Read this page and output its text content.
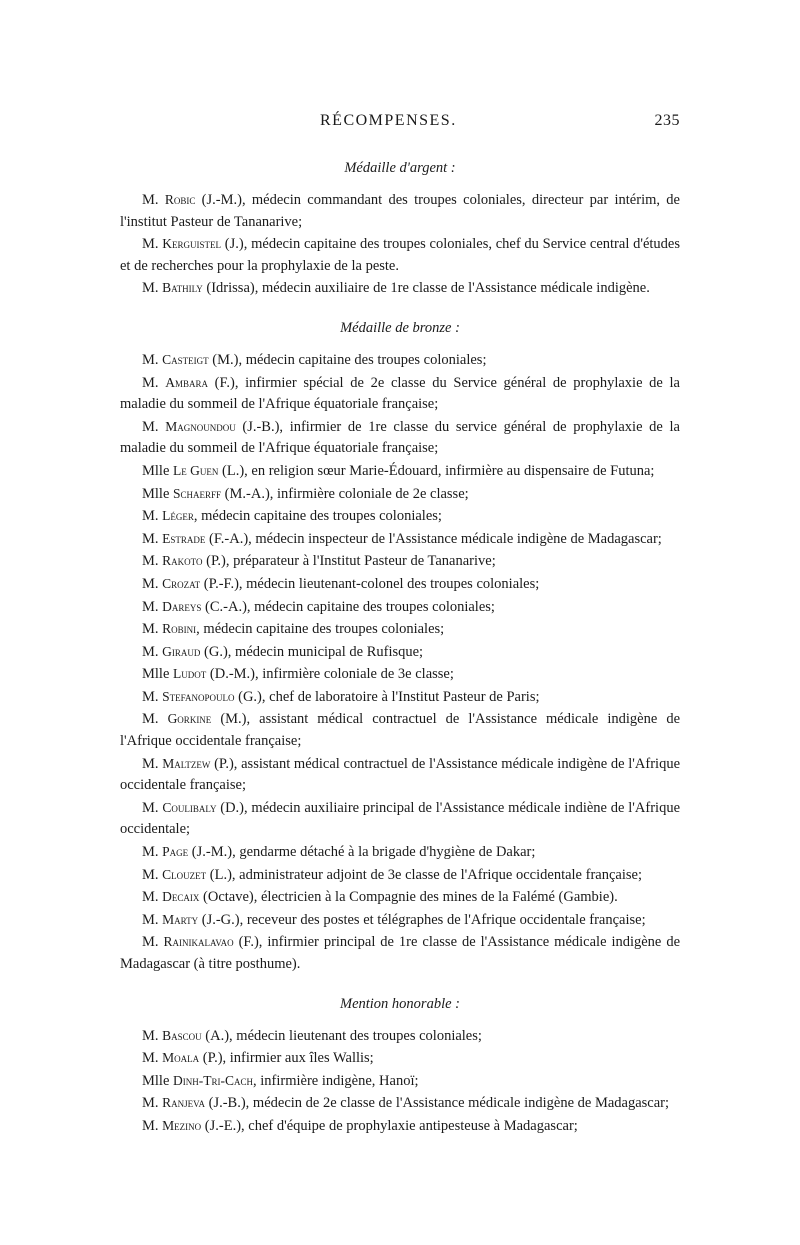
RÉCOMPENSES.	235
Médaille d'argent :

M. Robic (J.-M.), médecin commandant des troupes coloniales, directeur par intérim, de l'institut Pasteur de Tananarive;

M. Kerguistel (J.), médecin capitaine des troupes coloniales, chef du Service central d'études et de recherches pour la prophylaxie de la peste.

M. Bathily (Idrissa), médecin auxiliaire de 1re classe de l'Assistance médicale indigène.

Médaille de bronze :

M. Casteigt (M.), médecin capitaine des troupes coloniales;

M. Ambara (F.), infirmier spécial de 2e classe du Service général de prophylaxie de la maladie du sommeil de l'Afrique équatoriale française;

M. Magnoundou (J.-B.), infirmier de 1re classe du service général de prophylaxie de la maladie du sommeil de l'Afrique équatoriale française;

Mlle Le Guen (L.), en religion sœur Marie-Édouard, infirmière au dispensaire de Futuna;

Mlle Schaerff (M.-A.), infirmière coloniale de 2e classe;

M. Léger, médecin capitaine des troupes coloniales;

M. Estrade (F.-A.), médecin inspecteur de l'Assistance médicale indigène de Madagascar;

M. Rakoto (P.), préparateur à l'Institut Pasteur de Tananarive;

M. Crozat (P.-F.), médecin lieutenant-colonel des troupes coloniales;

M. Dareys (C.-A.), médecin capitaine des troupes coloniales;

M. Robini, médecin capitaine des troupes coloniales;

M. Giraud (G.), médecin municipal de Rufisque;

Mlle Ludot (D.-M.), infirmière coloniale de 3e classe;

M. Stefanopoulo (G.), chef de laboratoire à l'Institut Pasteur de Paris;

M. Gorkine (M.), assistant médical contractuel de l'Assistance médicale indigène de l'Afrique occidentale française;

M. Maltzew (P.), assistant médical contractuel de l'Assistance médicale indigène de l'Afrique occidentale française;

M. Coulibaly (D.), médecin auxiliaire principal de l'Assistance médicale indiène de l'Afrique occidentale;

M. Page (J.-M.), gendarme détaché à la brigade d'hygiène de Dakar;

M. Clouzet (L.), administrateur adjoint de 3e classe de l'Afrique occidentale française;

M. Decaix (Octave), électricien à la Compagnie des mines de la Falémé (Gambie).

M. Marty (J.-G.), receveur des postes et télégraphes de l'Afrique occidentale française;

M. Rainikalavao (F.), infirmier principal de 1re classe de l'Assistance médicale indigène de Madagascar (à titre posthume).

Mention honorable :

M. Bascou (A.), médecin lieutenant des troupes coloniales;

M. Moala (P.), infirmier aux îles Wallis;

Mlle Dinh-Tri-Cach, infirmière indigène, Hanoï;

M. Ranjeva (J.-B.), médecin de 2e classe de l'Assistance médicale indigène de Madagascar;

M. Mezino (J.-E.), chef d'équipe de prophylaxie antipesteuse à Madagascar;
